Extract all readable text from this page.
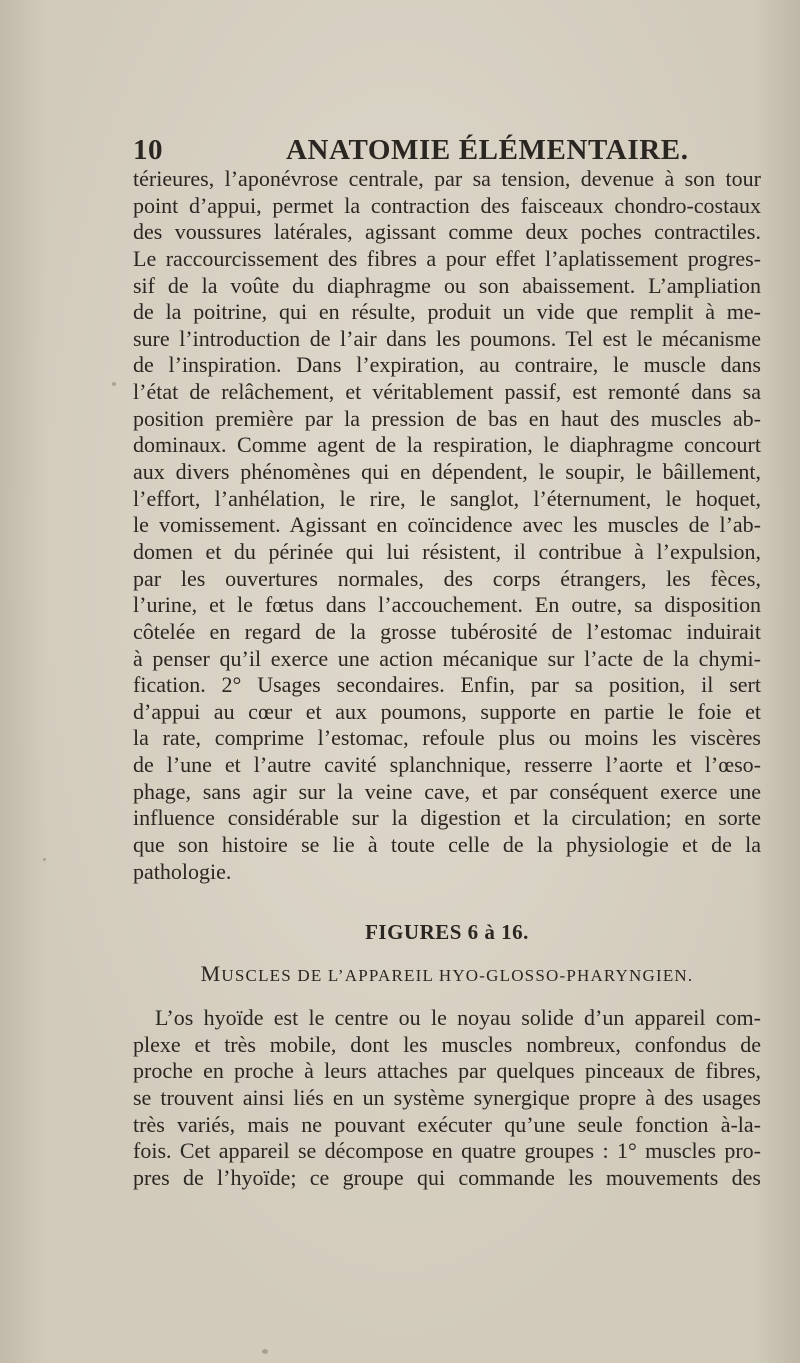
10	ANATOMIE ÉLÉMENTAIRE.
térieures, l’aponévrose centrale, par sa tension, devenue à son tour
point d’appui, permet la contraction des faisceaux chondro-costaux
des voussures latérales, agissant comme deux poches contractiles.
Le raccourcissement des fibres a pour effet l’aplatissement progres-
sif de la voûte du diaphragme ou son abaissement. L’ampliation
de la poitrine, qui en résulte, produit un vide que remplit à me-
sure l’introduction de l’air dans les poumons. Tel est le mécanisme
de l’inspiration. Dans l’expiration, au contraire, le muscle dans
l’état de relâchement, et véritablement passif, est remonté dans sa
position première par la pression de bas en haut des muscles ab-
dominaux. Comme agent de la respiration, le diaphragme concourt
aux divers phénomènes qui en dépendent, le soupir, le bâillement,
l’effort, l’anhélation, le rire, le sanglot, l’éternument, le hoquet,
le vomissement. Agissant en coïncidence avec les muscles de l’ab-
domen et du périnée qui lui résistent, il contribue à l’expulsion,
par les ouvertures normales, des corps étrangers, les fèces,
l’urine, et le fœtus dans l’accouchement. En outre, sa disposition
côtelée en regard de la grosse tubérosité de l’estomac induirait
à penser qu’il exerce une action mécanique sur l’acte de la chymi-
fication. 2° Usages secondaires. Enfin, par sa position, il sert
d’appui au cœur et aux poumons, supporte en partie le foie et
la rate, comprime l’estomac, refoule plus ou moins les viscères
de l’une et l’autre cavité splanchnique, resserre l’aorte et l’œso-
phage, sans agir sur la veine cave, et par conséquent exerce une
influence considérable sur la digestion et la circulation; en sorte
que son histoire se lie à toute celle de la physiologie et de la
pathologie.
FIGURES 6 à 16.
MUSCLES DE L’APPAREIL HYO-GLOSSO-PHARYNGIEN.
L’os hyoïde est le centre ou le noyau solide d’un appareil com-
plexe et très mobile, dont les muscles nombreux, confondus de
proche en proche à leurs attaches par quelques pinceaux de fibres,
se trouvent ainsi liés en un système synergique propre à des usages
très variés, mais ne pouvant exécuter qu’une seule fonction à-la-
fois. Cet appareil se décompose en quatre groupes : 1° muscles pro-
pres de l’hyoïde; ce groupe qui commande les mouvements des
